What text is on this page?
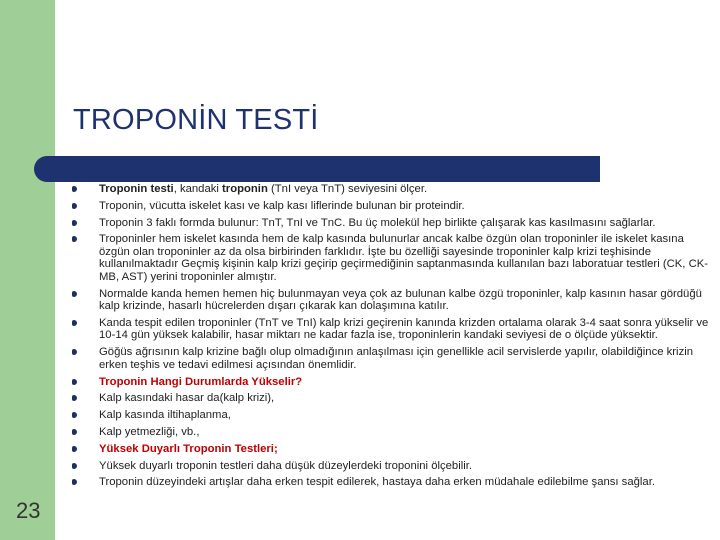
TROPONİN TESTİ
Troponin testi, kandaki troponin (TnI veya TnT) seviyesini ölçer.
Troponin, vücutta iskelet kası ve kalp kası liflerinde bulunan bir proteindir.
Troponin 3 faklı formda bulunur: TnT, TnI ve TnC. Bu üç molekül hep birlikte çalışarak kas kasılmasını sağlarlar.
Troponinler hem iskelet kasında hem de kalp kasında bulunurlar ancak kalbe özgün olan troponinler ile iskelet kasına özgün olan troponinler az da olsa birbirinden farklıdır. İşte bu özelliği sayesinde troponinler kalp krizi teşhisinde kullanılmaktadır Geçmiş kişinin kalp krizi geçirip geçirmediğinin saptanmasında kullanılan bazı laboratuar testleri (CK, CK-MB, AST) yerini troponinler almıştır.
Normalde kanda hemen hemen hiç bulunmayan veya çok az bulunan kalbe özgü troponinler, kalp kasının hasar gördüğü kalp krizinde, hasarlı hücrelerden dışarı çıkarak kan dolaşımına katılır.
Kanda tespit edilen troponinler (TnT ve TnI) kalp krizi geçirenin kanında krizden ortalama olarak 3-4 saat sonra yükselir ve 10-14 gün yüksek kalabilir, hasar miktarı ne kadar fazla ise, troponinlerin kandaki seviyesi de o ölçüde yüksektir.
Göğüs ağrısının kalp krizine bağlı olup olmadığının anlaşılması için genellikle acil servislerde yapılır, olabildiğince krizin erken teşhis ve tedavi edilmesi açısından önemlidir.
Troponin Hangi Durumlarda Yükselir?
Kalp kasındaki hasar da(kalp krizi),
Kalp kasında iltihaplanma,
Kalp yetmezliği, vb.,
Yüksek Duyarlı Troponin Testleri;
Yüksek duyarlı troponin testleri daha düşük düzeylerdeki troponini ölçebilir.
Troponin düzeyindeki artışlar daha erken tespit edilerek, hastaya daha erken müdahale edilebilme şansı sağlar.
23
